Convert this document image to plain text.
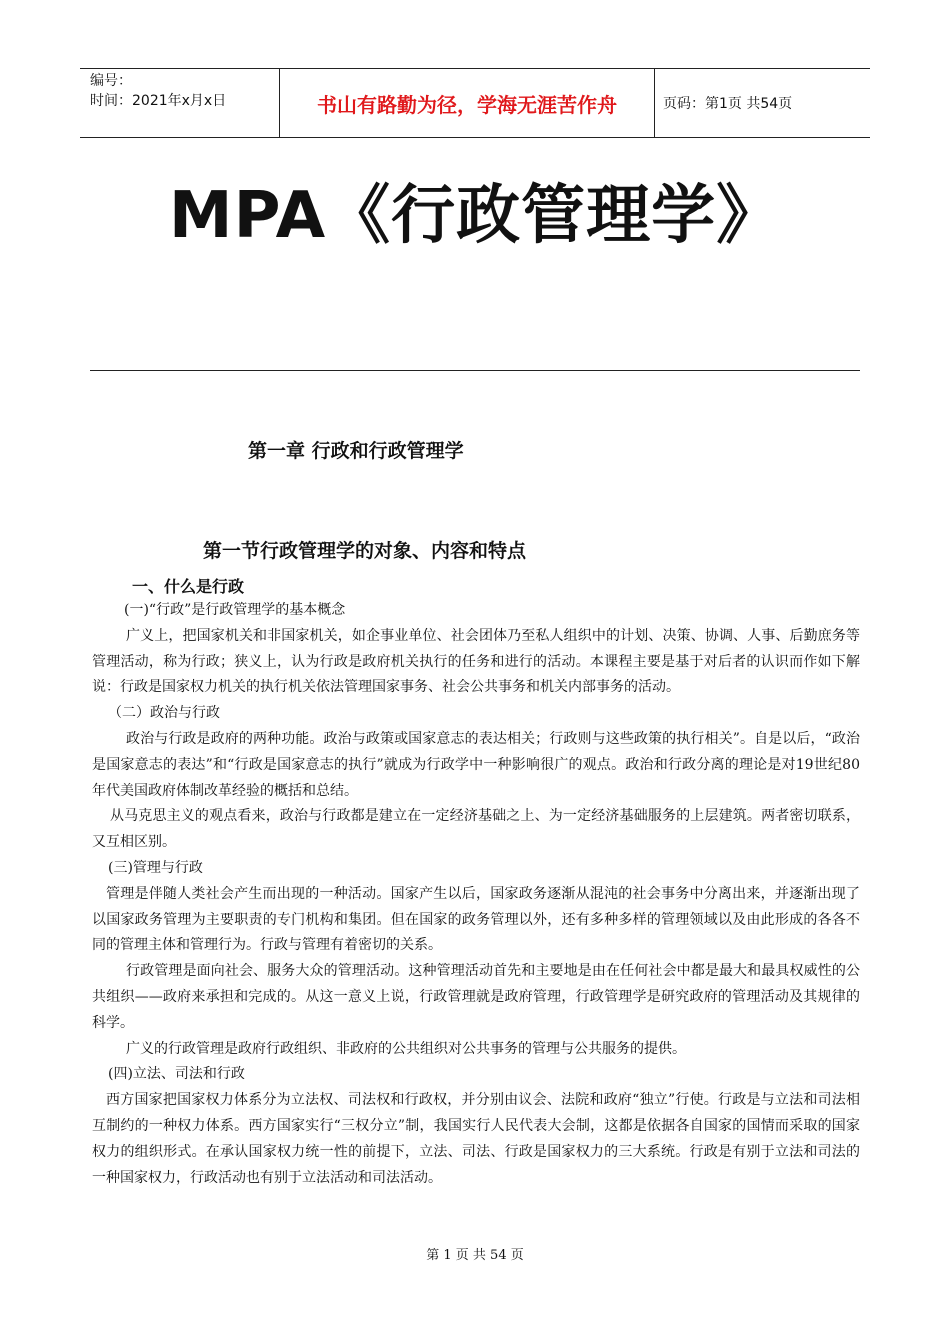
编号：
时间：2021年x月x日	书山有路勤为径，学海无涯苦作舟	页码：第1页 共54页
MPA《行政管理学》
第一章 行政和行政管理学
第一节行政管理学的对象、内容和特点
一、什么是行政

(一)“行政”是行政管理学的基本概念

广义上，把国家机关和非国家机关，如企事业单位、社会团体乃至私人组织中的计划、决策、协调、人事、后勤庶务等管理活动，称为行政；狭义上，认为行政是政府机关执行的任务和进行的活动。本课程主要是基于对后者的认识而作如下解说：行政是国家权力机关的执行机关依法管理国家事务、社会公共事务和机关内部事务的活动。

（二）政治与行政

政治与行政是政府的两种功能。政治与政策或国家意志的表达相关；行政则与这些政策的执行相关”。自是以后，“政治是国家意志的表达”和“行政是国家意志的执行”就成为行政学中一种影响很广的观点。政治和行政分离的理论是对19世纪80年代美国政府体制改革经验的概括和总结。

从马克思主义的观点看来，政治与行政都是建立在一定经济基础之上、为一定经济基础服务的上层建筑。两者密切联系，又互相区别。

(三)管理与行政

管理是伴随人类社会产生而出现的一种活动。国家产生以后，国家政务逐渐从混沌的社会事务中分离出来，并逐渐出现了以国家政务管理为主要职责的专门机构和集团。但在国家的政务管理以外，还有多种多样的管理领域以及由此形成的各各不同的管理主体和管理行为。行政与管理有着密切的关系。

行政管理是面向社会、服务大众的管理活动。这种管理活动首先和主要地是由在任何社会中都是最大和最具权威性的公共组织——政府来承担和完成的。从这一意义上说，行政管理就是政府管理，行政管理学是研究政府的管理活动及其规律的科学。

广义的行政管理是政府行政组织、非政府的公共组织对公共事务的管理与公共服务的提供。

(四)立法、司法和行政

西方国家把国家权力体系分为立法权、司法权和行政权，并分别由议会、法院和政府“独立”行使。行政是与立法和司法相互制约的一种权力体系。西方国家实行“三权分立”制，我国实行人民代表大会制，这都是依据各自国家的国情而采取的国家权力的组织形式。在承认国家权力统一性的前提下，立法、司法、行政是国家权力的三大系统。行政是有别于立法和司法的一种国家权力，行政活动也有别于立法活动和司法活动。

第 1 页 共 54 页
